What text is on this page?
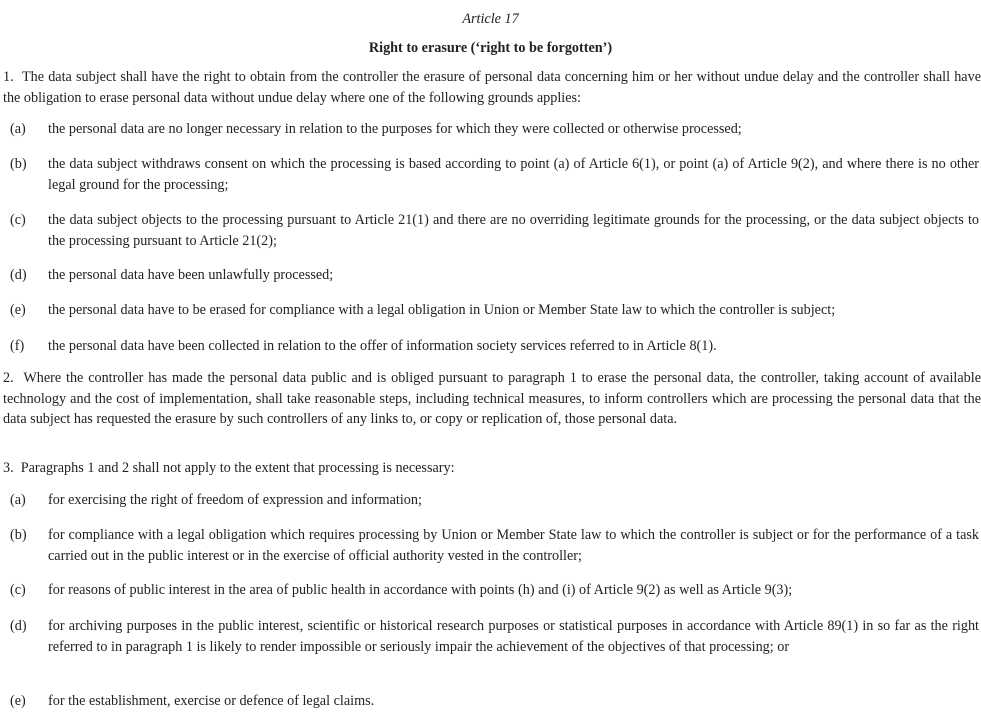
Article 17
Right to erasure (‘right to be forgotten’)
1.  The data subject shall have the right to obtain from the controller the erasure of personal data concerning him or her without undue delay and the controller shall have the obligation to erase personal data without undue delay where one of the following grounds applies:
(a) the personal data are no longer necessary in relation to the purposes for which they were collected or otherwise processed;
(b) the data subject withdraws consent on which the processing is based according to point (a) of Article 6(1), or point (a) of Article 9(2), and where there is no other legal ground for the processing;
(c) the data subject objects to the processing pursuant to Article 21(1) and there are no overriding legitimate grounds for the processing, or the data subject objects to the processing pursuant to Article 21(2);
(d) the personal data have been unlawfully processed;
(e) the personal data have to be erased for compliance with a legal obligation in Union or Member State law to which the controller is subject;
(f) the personal data have been collected in relation to the offer of information society services referred to in Article 8(1).
2.  Where the controller has made the personal data public and is obliged pursuant to paragraph 1 to erase the personal data, the controller, taking account of available technology and the cost of implementation, shall take reasonable steps, including technical measures, to inform controllers which are processing the personal data that the data subject has requested the erasure by such controllers of any links to, or copy or replication of, those personal data.
3.  Paragraphs 1 and 2 shall not apply to the extent that processing is necessary:
(a) for exercising the right of freedom of expression and information;
(b) for compliance with a legal obligation which requires processing by Union or Member State law to which the controller is subject or for the performance of a task carried out in the public interest or in the exercise of official authority vested in the controller;
(c) for reasons of public interest in the area of public health in accordance with points (h) and (i) of Article 9(2) as well as Article 9(3);
(d) for archiving purposes in the public interest, scientific or historical research purposes or statistical purposes in accordance with Article 89(1) in so far as the right referred to in paragraph 1 is likely to render impossible or seriously impair the achievement of the objectives of that processing; or
(e) for the establishment, exercise or defence of legal claims.
